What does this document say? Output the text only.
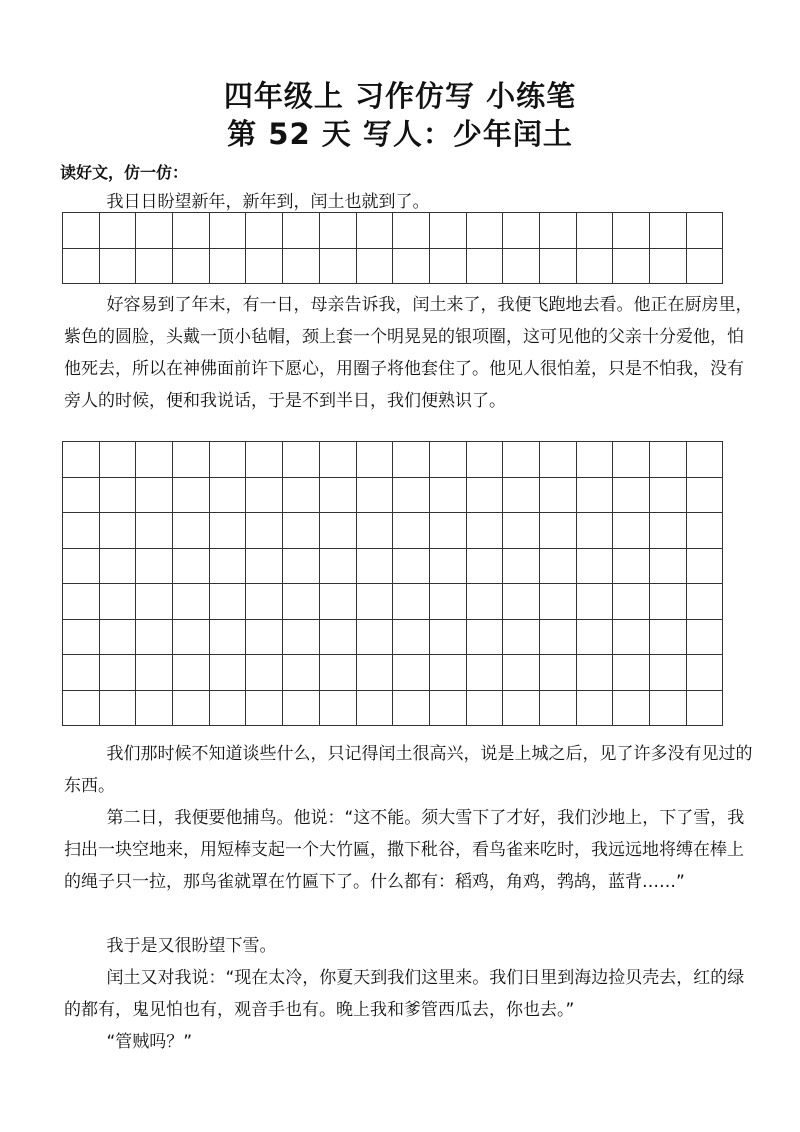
四年级上 习作仿写 小练笔
第 52 天 写人：少年闰土
读好文，仿一仿：
我日日盼望新年，新年到，闰土也就到了。
好容易到了年末，有一日，母亲告诉我，闰土来了，我便飞跑地去看。他正在厨房里，紫色的圆脸，头戴一顶小毡帽，颈上套一个明晃晃的银项圈，这可见他的父亲十分爱他，怕他死去，所以在神佛面前许下愿心，用圈子将他套住了。他见人很怕羞，只是不怕我，没有旁人的时候，便和我说话，于是不到半日，我们便熟识了。
我们那时候不知道谈些什么，只记得闰土很高兴，说是上城之后，见了许多没有见过的东西。
第二日，我便要他捕鸟。他说：“这不能。须大雪下了才好，我们沙地上，下了雪，我扫出一块空地来，用短棒支起一个大竹匾，撒下秕谷，看鸟雀来吃时，我远远地将缚在棒上的绳子只一拉，那鸟雀就罩在竹匾下了。什么都有：稻鸡，角鸡，鹁鸪，蓝背……”
我于是又很盼望下雪。
闰土又对我说：“现在太冷，你夏天到我们这里来。我们日里到海边捡贝壳去，红的绿的都有，鬼见怕也有，观音手也有。晚上我和爹管西瓜去，你也去。”
“管贼吗？”
